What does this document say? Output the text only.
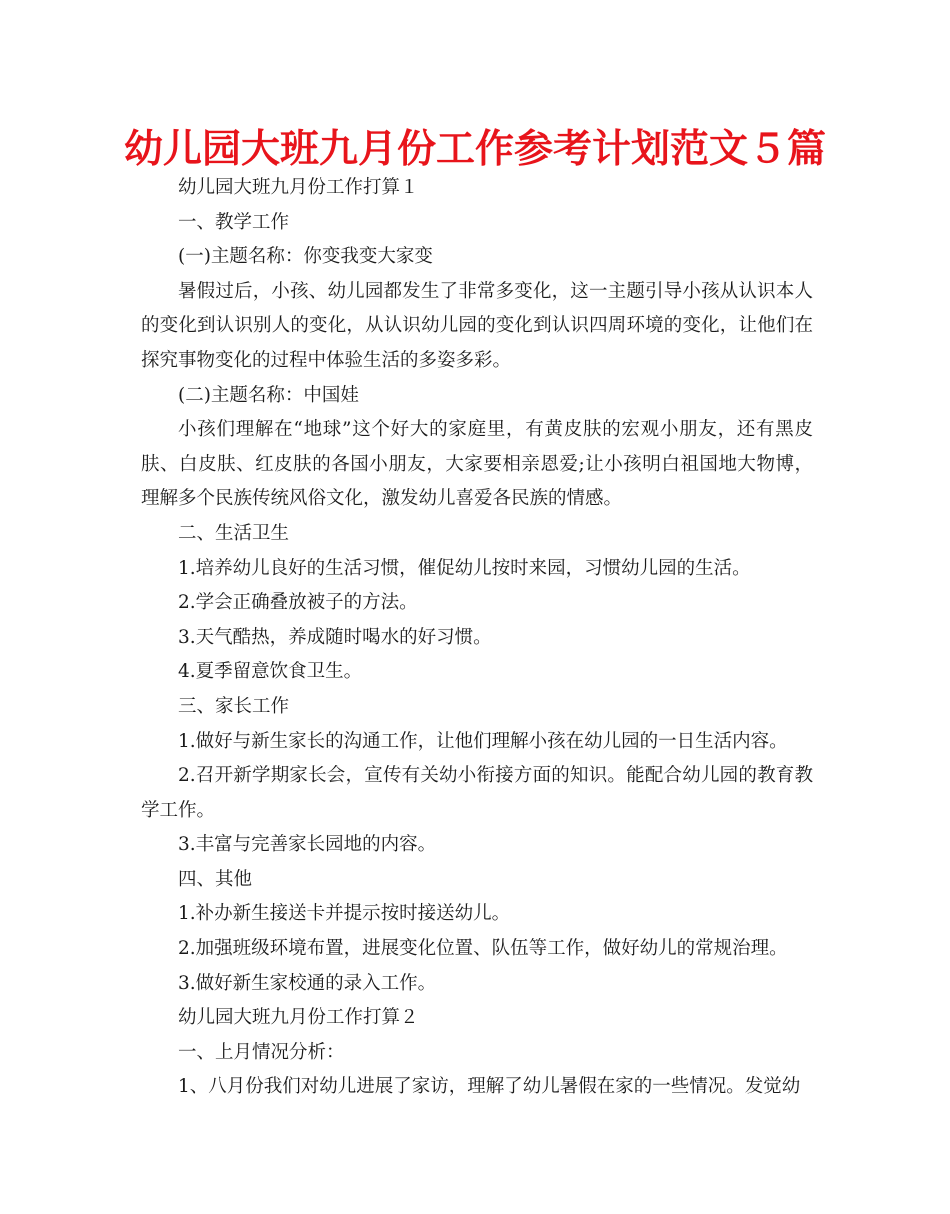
幼儿园大班九月份工作参考计划范文５篇

幼儿园大班九月份工作打算１

一、教学工作

(一)主题名称：你变我变大家变

暑假过后，小孩、幼儿园都发生了非常多变化，这一主题引导小孩从认识本人的变化到认识别人的变化，从认识幼儿园的变化到认识四周环境的变化，让他们在探究事物变化的过程中体验生活的多姿多彩。

(二)主题名称：中国娃

小孩们理解在“地球”这个好大的家庭里，有黄皮肤的宏观小朋友，还有黑皮肤、白皮肤、红皮肤的各国小朋友，大家要相亲恩爱;让小孩明白祖国地大物博，理解多个民族传统风俗文化，激发幼儿喜爱各民族的情感。

二、生活卫生

1.培养幼儿良好的生活习惯，催促幼儿按时来园，习惯幼儿园的生活。

2.学会正确叠放被子的方法。

3.天气酷热，养成随时喝水的好习惯。

4.夏季留意饮食卫生。

三、家长工作

1.做好与新生家长的沟通工作，让他们理解小孩在幼儿园的一日生活内容。

2.召开新学期家长会，宣传有关幼小衔接方面的知识。能配合幼儿园的教育教学工作。

3.丰富与完善家长园地的内容。

四、其他

1.补办新生接送卡并提示按时接送幼儿。

2.加强班级环境布置，进展变化位置、队伍等工作，做好幼儿的常规治理。

3.做好新生家校通的录入工作。

幼儿园大班九月份工作打算２

一、上月情况分析：

1、八月份我们对幼儿进展了家访，理解了幼儿暑假在家的一些情况。发觉幼
